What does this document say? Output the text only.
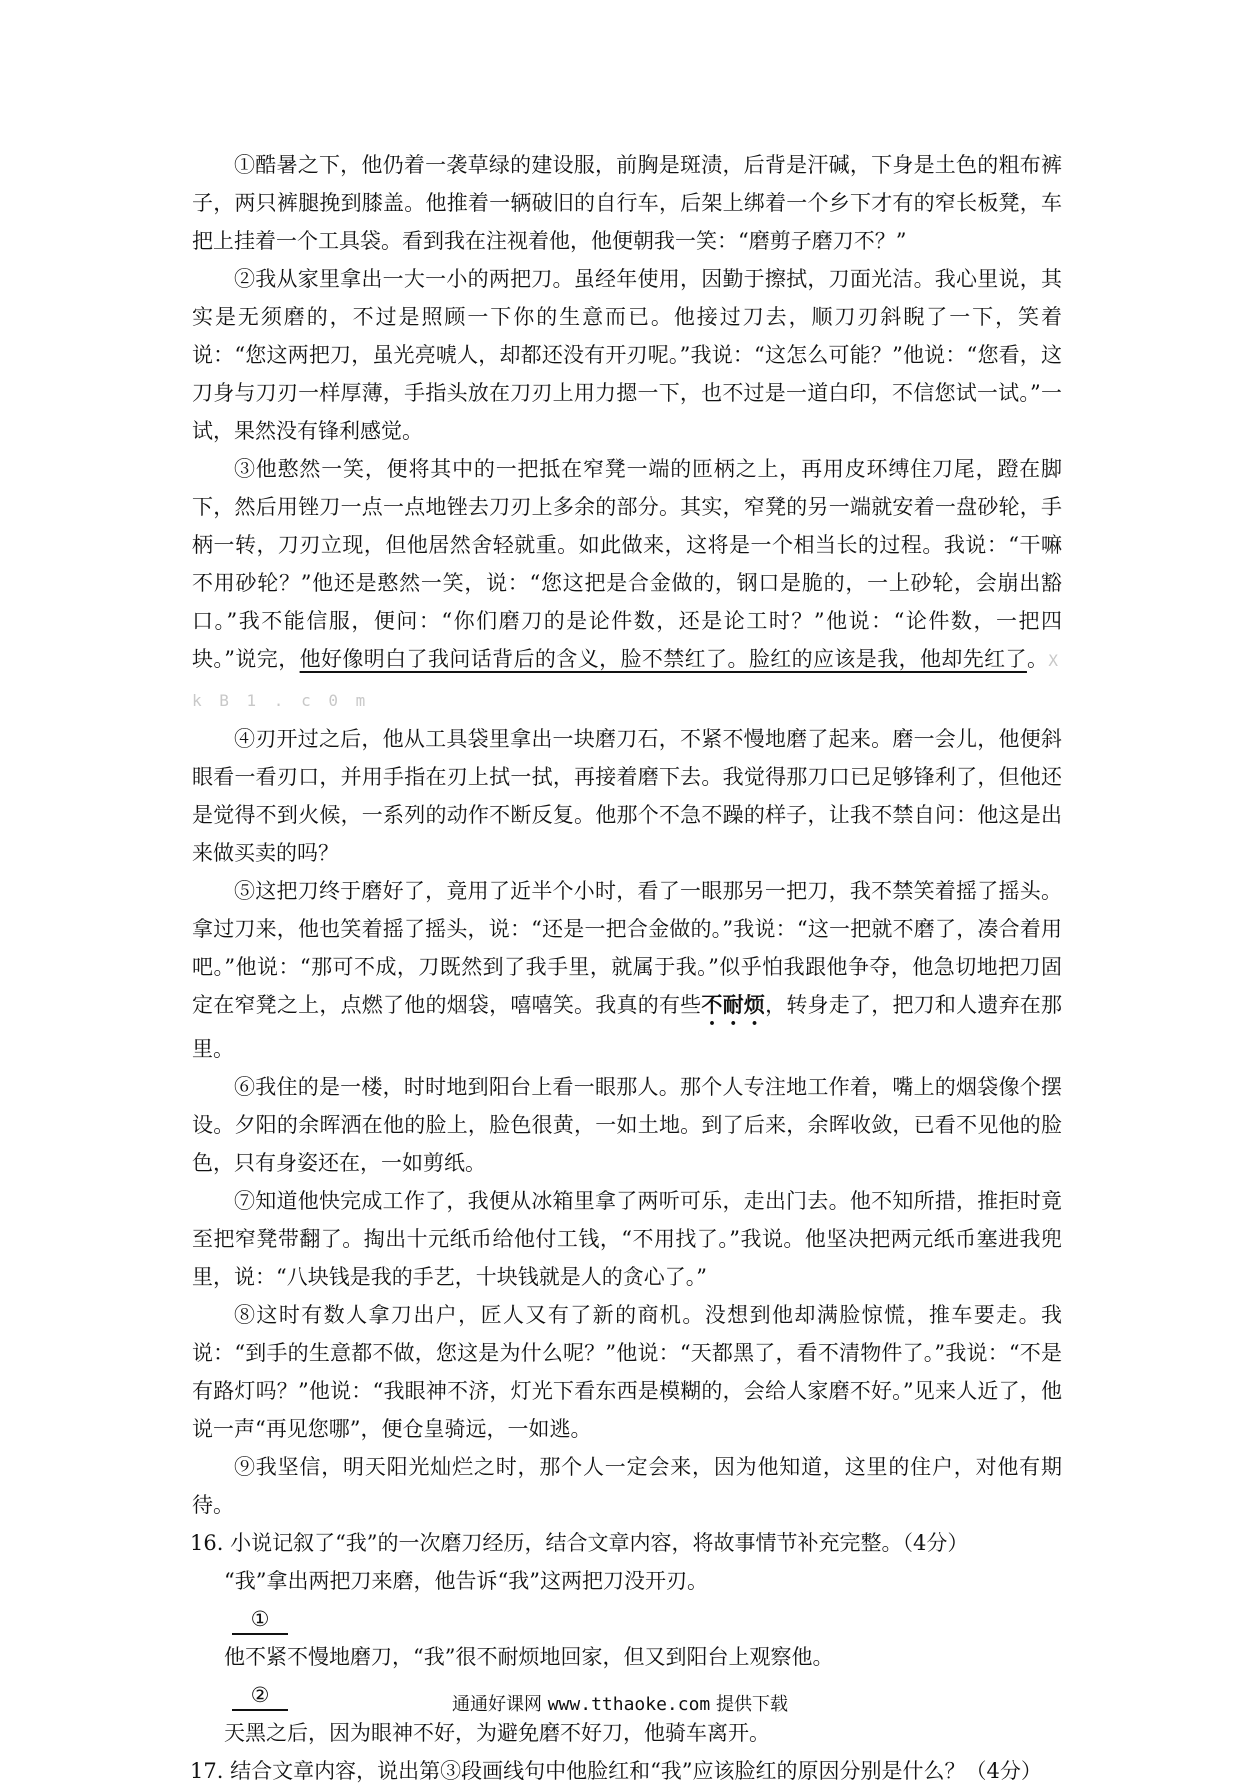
①酷暑之下，他仍着一袭草绿的建设服，前胸是斑渍，后背是汗碱，下身是土色的粗布裤子，两只裤腿挽到膝盖。他推着一辆破旧的自行车，后架上绑着一个乡下才有的窄长板凳，车把上挂着一个工具袋。看到我在注视着他，他便朝我一笑：“磨剪子磨刀不？”

②我从家里拿出一大一小的两把刀。虽经年使用，因勤于擦拭，刀面光洁。我心里说，其实是无须磨的，不过是照顾一下你的生意而已。他接过刀去，顺刀刃斜睨了一下，笑着说：“您这两把刀，虽光亮唬人，却都还没有开刃呢。”我说：“这怎么可能？”他说：“您看，这刀身与刀刃一样厚薄，手指头放在刀刃上用力摁一下，也不过是一道白印，不信您试一试。”一试，果然没有锋利感觉。

③他憨然一笑，便将其中的一把抵在窄凳一端的匝柄之上，再用皮环缚住刀尾，蹬在脚下，然后用锉刀一点一点地锉去刀刃上多余的部分。其实，窄凳的另一端就安着一盘砂轮，手柄一转，刀刃立现，但他居然舍轻就重。如此做来，这将是一个相当长的过程。我说：“干嘛不用砂轮？”他还是憨然一笑，说：“您这把是合金做的，钢口是脆的，一上砂轮，会崩出豁口。”我不能信服，便问：“你们磨刀的是论件数，还是论工时？”他说：“论件数，一把四块。”说完，他好像明白了我问话背后的含义，脸不禁红了。脸红的应该是我，他却先红了。X k B 1 . c 0 m

④刃开过之后，他从工具袋里拿出一块磨刀石，不紧不慢地磨了起来。磨一会儿，他便斜眼看一看刃口，并用手指在刃上拭一拭，再接着磨下去。我觉得那刀口已足够锋利了，但他还是觉得不到火候，一系列的动作不断反复。他那个不急不躁的样子，让我不禁自问：他这是出来做买卖的吗？

⑤这把刀终于磨好了，竟用了近半个小时，看了一眼那另一把刀，我不禁笑着摇了摇头。拿过刀来，他也笑着摇了摇头，说：“还是一把合金做的。”我说：“这一把就不磨了，凑合着用吧。”他说：“那可不成，刀既然到了我手里，就属于我。”似乎怕我跟他争夺，他急切地把刀固定在窄凳之上，点燃了他的烟袋，嘻嘻笑。我真的有些不耐烦，转身走了，把刀和人遗弃在那里。

⑥我住的是一楼，时时地到阳台上看一眼那人。那个人专注地工作着，嘴上的烟袋像个摆设。夕阳的余晖洒在他的脸上，脸色很黄，一如土地。到了后来，余晖收敛，已看不见他的脸色，只有身姿还在，一如剪纸。

⑦知道他快完成工作了，我便从冰箱里拿了两听可乐，走出门去。他不知所措，推拒时竟至把窄凳带翻了。掏出十元纸币给他付工钱，“不用找了。”我说。他坚决把两元纸币塞进我兜里，说：“八块钱是我的手艺，十块钱就是人的贪心了。”

⑧这时有数人拿刀出户，匠人又有了新的商机。没想到他却满脸惊慌，推车要走。我说：“到手的生意都不做，您这是为什么呢？”他说：“天都黑了，看不清物件了。”我说：“不是有路灯吗？”他说：“我眼神不济，灯光下看东西是模糊的，会给人家磨不好。”见来人近了，他说一声“再见您哪”，便仓皇骑远，一如逃。

⑨我坚信，明天阳光灿烂之时，那个人一定会来，因为他知道，这里的住户，对他有期待。

16. 小说记叙了“我”的一次磨刀经历，结合文章内容，将故事情节补充完整。（4分）

“我”拿出两把刀来磨，他告诉“我”这两把刀没开刃。

①

他不紧不慢地磨刀，“我”很不耐烦地回家，但又到阳台上观察他。

②

天黑之后，因为眼神不好，为避免磨不好刀，他骑车离开。

17. 结合文章内容，说出第③段画线句中他脸红和“我”应该脸红的原因分别是什么？（4分）

通通好课网 www.tthaoke.com 提供下载
